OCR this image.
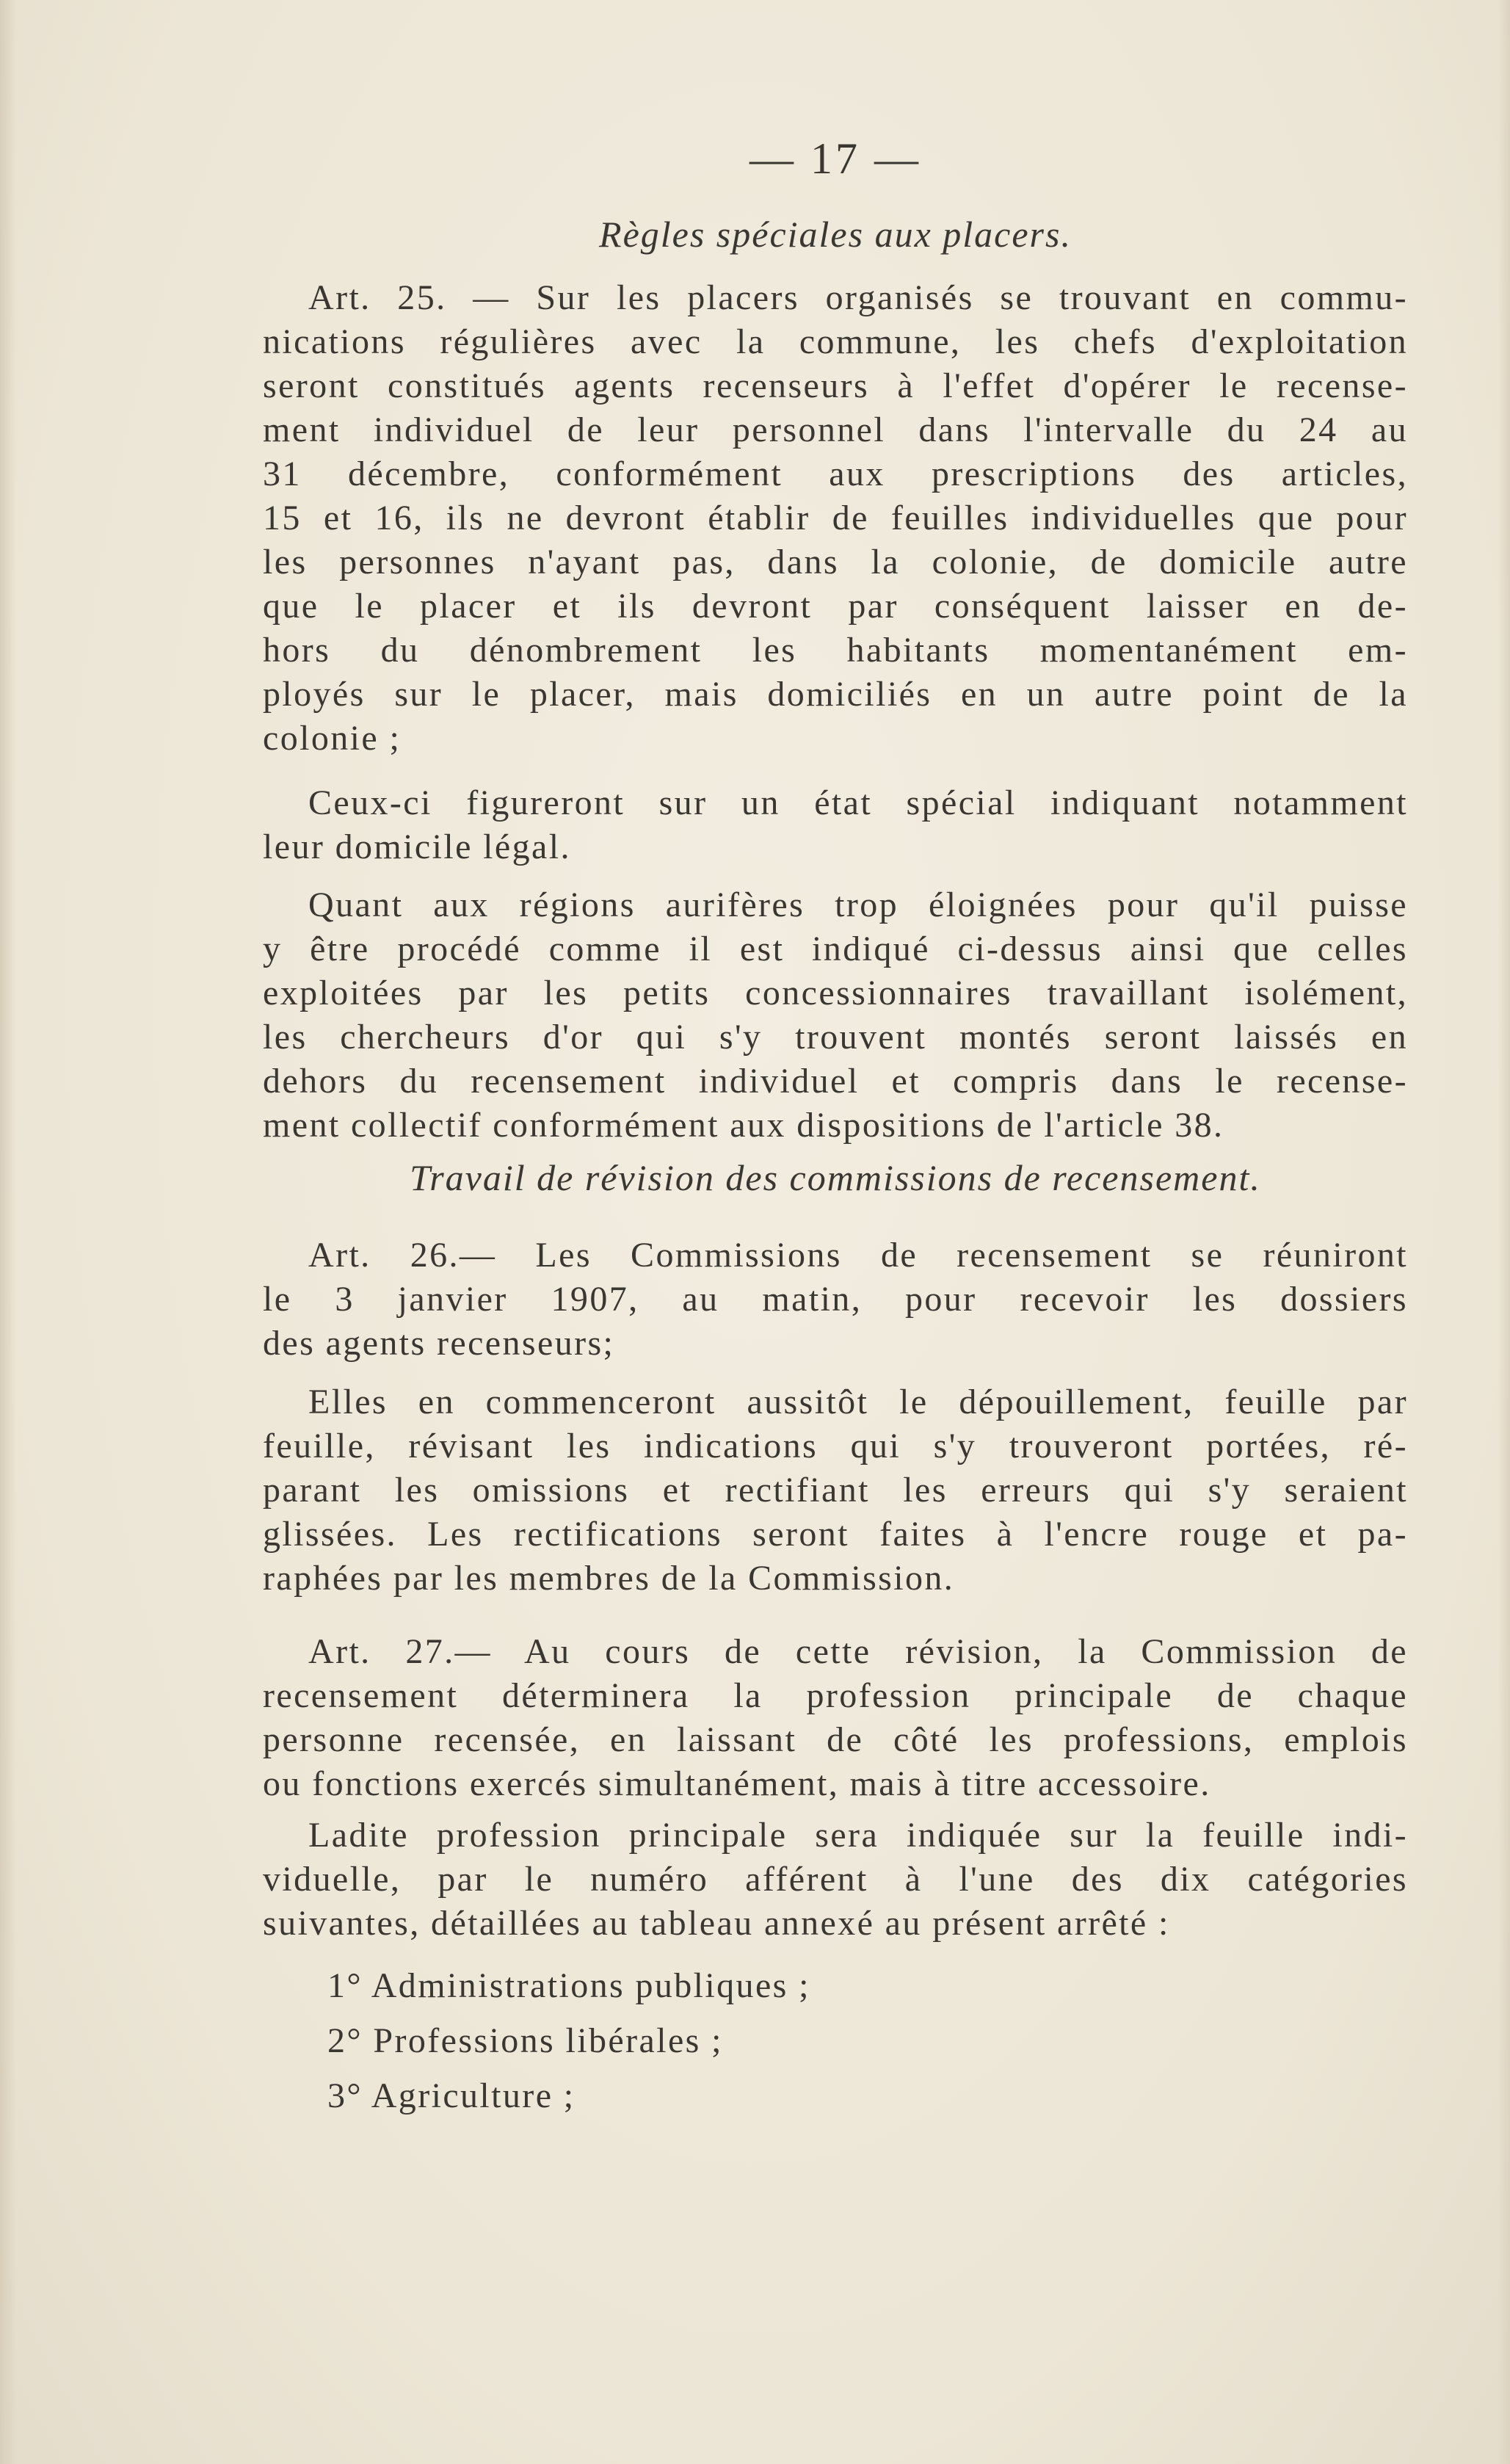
— 17 —
Règles spéciales aux placers.
Art. 25. — Sur les placers organisés se trouvant en commu-
nications régulières avec la commune, les chefs d'exploitation
seront constitués agents recenseurs à l'effet d'opérer le recense-
ment individuel de leur personnel dans l'intervalle du 24 au
31 décembre, conformément aux prescriptions des articles,
15 et 16, ils ne devront établir de feuilles individuelles que pour
les personnes n'ayant pas, dans la colonie, de domicile autre
que le placer et ils devront par conséquent laisser en de-
hors du dénombrement les habitants momentanément em-
ployés sur le placer, mais domiciliés en un autre point de la
colonie ;
Ceux-ci figureront sur un état spécial indiquant notamment
leur domicile légal.
Quant aux régions aurifères trop éloignées pour qu'il puisse
y être procédé comme il est indiqué ci-dessus ainsi que celles
exploitées par les petits concessionnaires travaillant isolément,
les chercheurs d'or qui s'y trouvent montés seront laissés en
dehors du recensement individuel et compris dans le recense-
ment collectif conformément aux dispositions de l'article 38.
Travail de révision des commissions de recensement.
Art. 26.— Les Commissions de recensement se réuniront
le 3 janvier 1907, au matin, pour recevoir les dossiers
des agents recenseurs;
Elles en commenceront aussitôt le dépouillement, feuille par
feuille, révisant les indications qui s'y trouveront portées, ré-
parant les omissions et rectifiant les erreurs qui s'y seraient
glissées. Les rectifications seront faites à l'encre rouge et pa-
raphées par les membres de la Commission.
Art. 27.— Au cours de cette révision, la Commission de
recensement déterminera la profession principale de chaque
personne recensée, en laissant de côté les professions, emplois
ou fonctions exercés simultanément, mais à titre accessoire.
Ladite profession principale sera indiquée sur la feuille indi-
viduelle, par le numéro afférent à l'une des dix catégories
suivantes, détaillées au tableau annexé au présent arrêté :
1° Administrations publiques ;
2° Professions libérales ;
3° Agriculture ;
